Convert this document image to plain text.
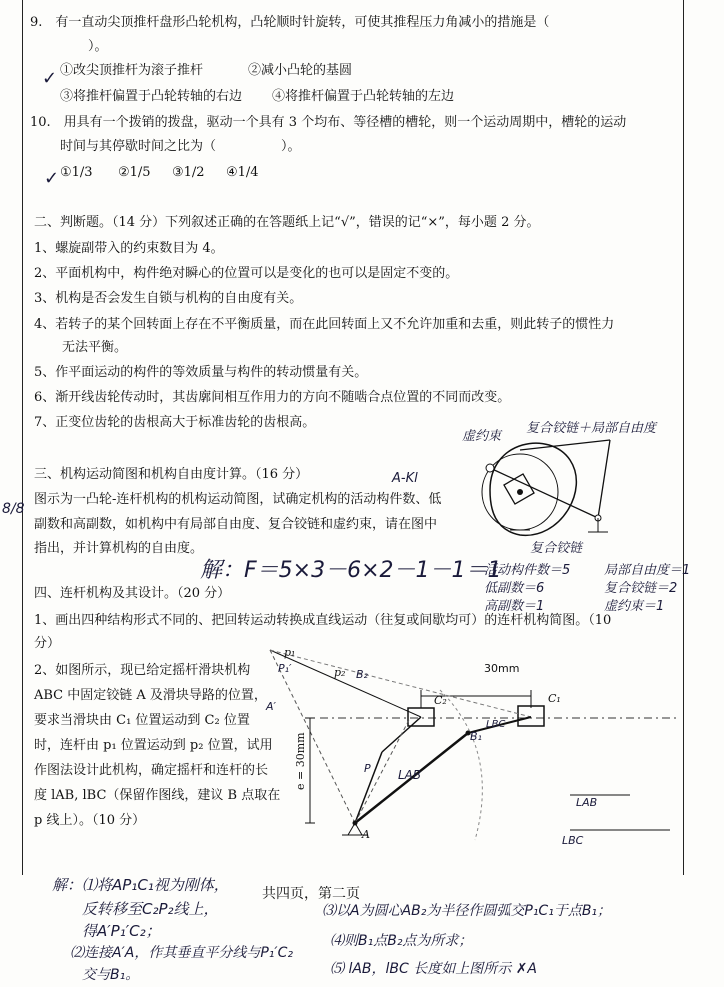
9.　有一直动尖顶推杆盘形凸轮机构，凸轮顺时针旋转，可使其推程压力角减小的措施是（
）。
①改尖顶推杆为滚子推杆	②减小凸轮的基圆
③将推杆偏置于凸轮转轴的右边 ④将推杆偏置于凸轮转轴的左边
✓
10.　用具有一个拨销的拨盘，驱动一个具有 3 个均布、等径槽的槽轮，则一个运动周期中，槽轮的运动
时间与其停歇时间之比为（　　　　　）。
①1/3 ②1/5 ③1/2 ④1/4
✓
二、判断题。（14 分）下列叙述正确的在答题纸上记“√”，错误的记“×”，每小题 2 分。
1、螺旋副带入的约束数目为 4。
2、平面机构中，构件绝对瞬心的位置可以是变化的也可以是固定不变的。
3、机构是否会发生自锁与机构的自由度有关。
4、若转子的某个回转面上存在不平衡质量，而在此回转面上又不允许加重和去重，则此转子的惯性力
无法平衡。
5、作平面运动的构件的等效质量与构件的转动惯量有关。
6、渐开线齿轮传动时，其齿廓间相互作用力的方向不随啮合点位置的不同而改变。
7、正变位齿轮的齿根高大于标准齿轮的齿根高。
三、机构运动简图和机构自由度计算。（16 分）
图示为一凸轮-连杆机构的机构运动简图，试确定机构的活动构件数、低
副数和高副数，如机构中有局部自由度、复合铰链和虚约束，请在图中
指出，并计算机构的自由度。
8/8
四、连杆机构及其设计。（20 分）
1、画出四种结构形式不同的、把回转运动转换成直线运动（往复或间歇均可）的连杆机构简图。（10
分）
2、如图所示，现已给定摇杆滑块机构
ABC 中固定铰链 A 及滑块导路的位置，
要求当滑块由 C₁ 位置运动到 C₂ 位置
时，连杆由 p₁ 位置运动到 p₂ 位置，试用
作图法设计此机构，确定摇杆和连杆的长
度 lAB, lBC（保留作图线，建议 B 点取在
p 线上）。（10 分）
虚约束
复合铰链＋局部自由度
复合铰链
A-Kl
解：F＝5×3－6×2－1－1＝1
活动构件数＝5
低副数＝6
高副数＝1
局部自由度＝1
复合铰链＝2
虚约束＝1
30mm
e = 30mm
p₁
p₂
P₁′	B₂
B₁
C₂	C₁
A
A′
P LAB
LBC
LAB
LBC
共四页，第二页
解：⑴将AP₁C₁视为刚体，
反转移至C₂P₂线上，
得A′P₁′C₂；
⑵连接A′A，作其垂直平分线与P₁′C₂
交与B₁。
⑶以A为圆心AB₂为半径作圆弧交P₁C₁于点B₁；
⑷则B₁点B₂点为所求；
⑸ lAB，lBC 长度如上图所示 ✗A
